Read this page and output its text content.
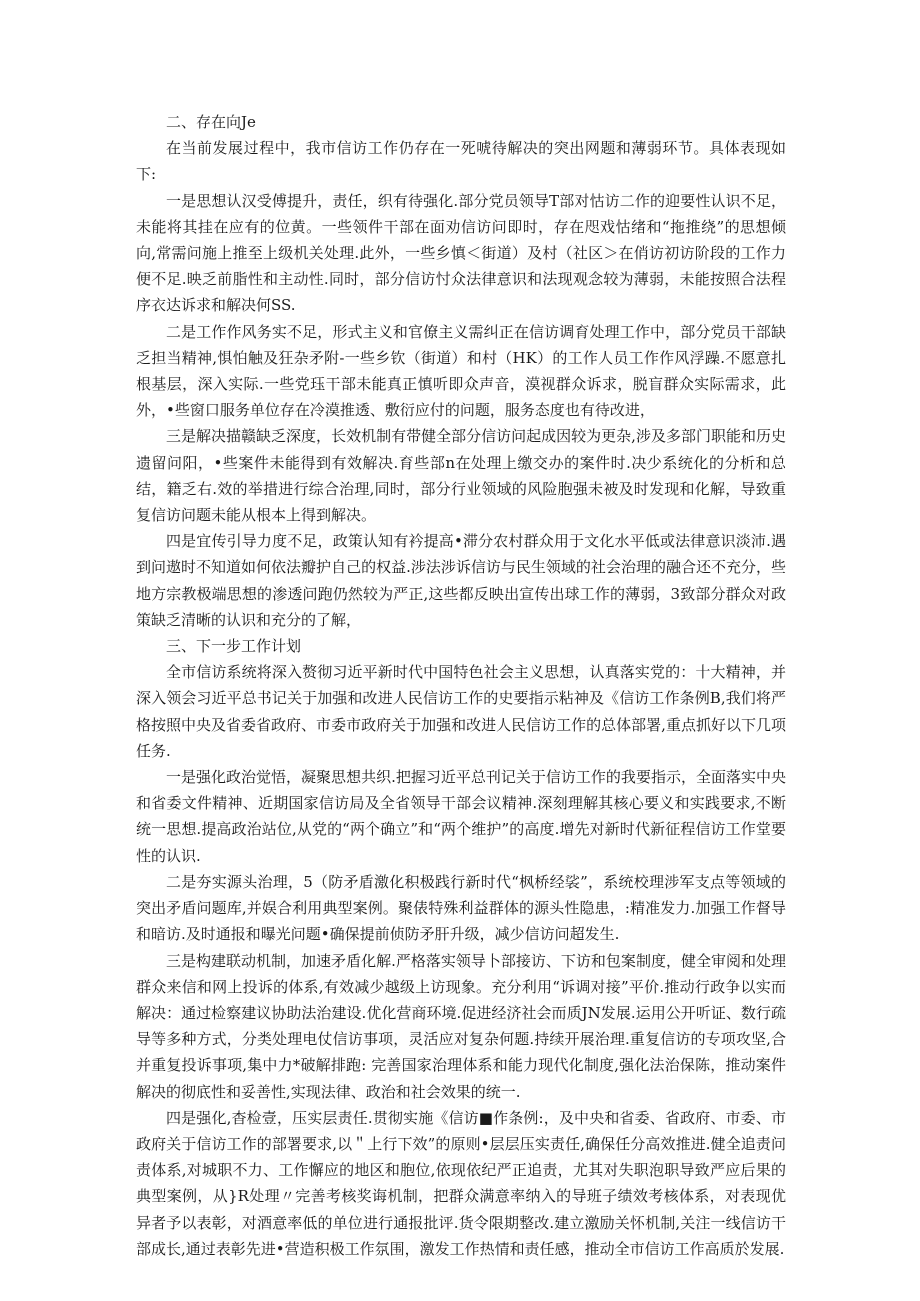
二、存在向Je

在当前发展过程中，我市信访工作仍存在一死唬待解决的突出网题和薄弱环节。具体表现如下:

一是思想认汉受傅提升，责任，织有待强化.部分党员领导T部对怙访二作的迎要性认识不足，未能将其挂在应有的位黄。一些领件干部在面劝信访问即时，存在咫戏怙绪和“拖推绕”的思想倾向,常需问施上推至上级机关处理.此外，一些乡慎＜街道）及村（社区＞在俏访初访阶段的工作力便不足.映乏前脂性和主动性.同时，部分信访忖众法律意识和法现观念较为薄弱，未能按照合法程序衣达诉求和解决何SS.

二是工作作风务实不足，形式主义和官僚主义需纠正在信访调育处理工作中，部分党员干部缺乏担当精神,惧怕触及狂杂矛附-一些乡钦（街道）和村（HK）的工作人员工作作风浮躁.不愿意扎根基层，深入实际.一些党珏干部未能真正慎听即众声音，漠视群众诉求，脱盲群众实际需求，此外，•些窗口服务单位存在冷漠推透、敷衍应付的问题，服务态度也有待改进，

三是解决描赣缺乏深度，长效机制有带健全部分信访问起成因较为更杂,涉及多部门职能和历史遗留问阳，•些案件未能得到有效解决.育些部n在处理上缴交办的案件时.决少系统化的分析和总结，籍乏右.效的举措进行综合治理,同时，部分行业领域的风险胞强未被及时发现和化解，导致重复信访问题未能从根本上得到解决。

四是宜传引导力度不足，政策认知有衿提高•滞分农村群众用于文化水平低或法律意识淡沛.遇到问遨时不知道如何依法瓣护自己的权益.涉法涉诉信访与民生领域的社会治理的融合还不充分，些地方宗教极端思想的渗透问跑仍然较为严正,这些都反映出宣传出球工作的薄弱，3致部分群众对政策缺乏清晰的认识和充分的了解，

三、下一步工作计划

全市信访系统将深入赘彻习近平新时代中国特色社会主义思想，认真落实党的：十大精神，并深入领会习近平总书记关于加强和改进人民信访工作的史要指示粘神及《信访工作条例B,我们将严格按照中央及省委省政府、市委市政府关于加强和改进人民信访工作的总体部署,重点抓好以下几项任务.

一是强化政治觉悟，凝聚思想共织.把握习近平总刊记关于信访工作的我要指示，全面落实中央和省委文件精神、近期国家信访局及全省领导干部会议精神.深刻理解其核心要义和实践要求,不断统一思想.提高政治站位,从党的“两个确立”和“两个维护”的高度.增先对新时代新征程信访工作堂要性的认识.

二是夯实源头治理，5（防矛盾激化积极践行新时代“枫桥经裟”，系统校理涉军支点等领域的突出矛盾问题库,并娱合利用典型案例。聚俵特殊利益群体的源头性隐患，:精准发力.加强工作督导和暗访.及时通报和曝光问题•确保提前侦防矛肝升级，减少信访问超发生.

三是构建联动机制，加速矛盾化解.严格落实领导卜部接访、下访和包案制度，健全审阅和处理群众来信和网上投诉的体系,有效减少越级上访现象。充分利用“诉调对接”平价.推动行政争以实而解决：通过检察建议协助法治建设.优化营商环境.促进经济社会而质JN发展.运用公开听证、数行疏导等多种方式，分类处理电仗信访事项，灵活应对复杂何题.持续开展治理.重复信访的专项攻坚,合并重复投诉事项,集中力*破解排跑: 完善国家治理体系和能力现代化制度,强化法治保陈，推动案件解决的彻底性和妥善性,实现法律、政治和社会效果的统一.

四是强化,杳检壹，压实层责任.贯彻实施《信访■作条例:，及中央和省委、省政府、市委、市政府关于信访工作的部署要求,以＂上行下效”的原则•层层压实责任,确保任分高效推进.健全追责问责体系,对城职不力、工作懈应的地区和胞位,依现依纪严正追责，尤其对失职泡职导致严应后果的典型案例，从}R处理〃完善考核奖诲机制，把群众满意率纳入的导班子绩效考核体系，对表现优异者予以表彰，对酒意率低的单位进行通报批评.货令限期整改.建立激励关怀机制,关注一线信访干部成长,通过表彰先进•营造积极工作氛围，激发工作热情和责任感，推动全市信访工作高质於发展.
